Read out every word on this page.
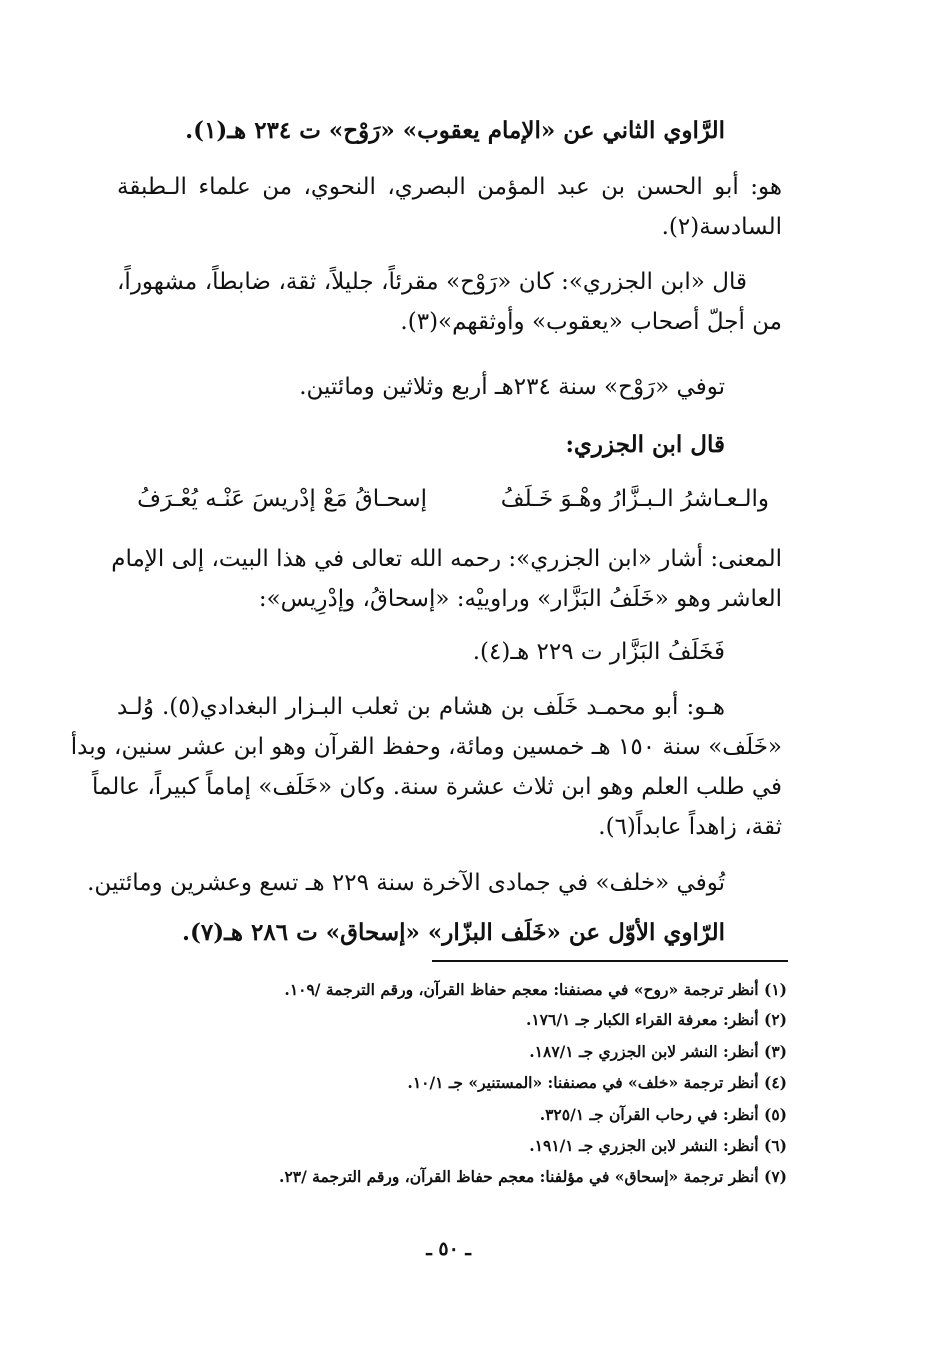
الرَّاوي الثاني عن «الإمام يعقوب» «رَوْح» ت ٢٣٤ هـ(١).
هو: أبو الحسن بن عبد المؤمن البصري، النحوي، من علماء الـطبقة
السادسة(٢).
قال «ابن الجزري»: كان «رَوْح» مقرئاً، جليلاً، ثقة، ضابطاً، مشهوراً،
من أجلّ أصحاب «يعقوب» وأوثقهم»(٣).
توفي «رَوْح» سنة ٢٣٤هـ أربع وثلاثين ومائتين.
قال ابن الجزري:
والـعـاشرُ الـبـزَّارُ وهْـوَ خَـلَفُ
إسحـاقُ مَعْ إدْريسَ عَنْـه يُعْـرَفُ
المعنى: أشار «ابن الجزري»: رحمه الله تعالى في هذا البيت، إلى الإمام
العاشر وهو «خَلَفُ البَزَّار» وراوييْه: «إسحاقُ، وإدْرِيس»:
فَخَلَفُ البَزَّار ت ٢٢٩ هـ(٤).
هـو: أبو محمـد خَلَف بن هشام بن ثعلب البـزار البغدادي(٥). وُلـد
«خَلَف» سنة ١٥٠ هـ خمسين ومائة، وحفظ القرآن وهو ابن عشر سنين، وبدأ
في طلب العلم وهو ابن ثلاث عشرة سنة. وكان «خَلَف» إماماً كبيراً، عالماً
ثقة، زاهداً عابداً(٦).
تُوفي «خلف» في جمادى الآخرة سنة ٢٢٩ هـ تسع وعشرين ومائتين.
الرّاوي الأوّل عن «خَلَف البزّار» «إسحاق» ت ٢٨٦ هـ(٧).
(١) أنظر ترجمة «روح» في مصنفنا: معجم حفاظ القرآن، ورقم الترجمة /١٠٩.
(٢) أنظر: معرفة القراء الكبار جـ ١٧٦/١.
(٣) أنظر: النشر لابن الجزري جـ ١٨٧/١.
(٤) أنظر ترجمة «خلف» في مصنفنا: «المستنير» جـ ١٠/١.
(٥) أنظر: في رحاب القرآن جـ ٣٢٥/١.
(٦) أنظر: النشر لابن الجزري جـ ١٩١/١.
(٧) أنظر ترجمة «إسحاق» في مؤلفنا: معجم حفاظ القرآن، ورقم الترجمة /٢٣.
ـ ٥٠ ـ
